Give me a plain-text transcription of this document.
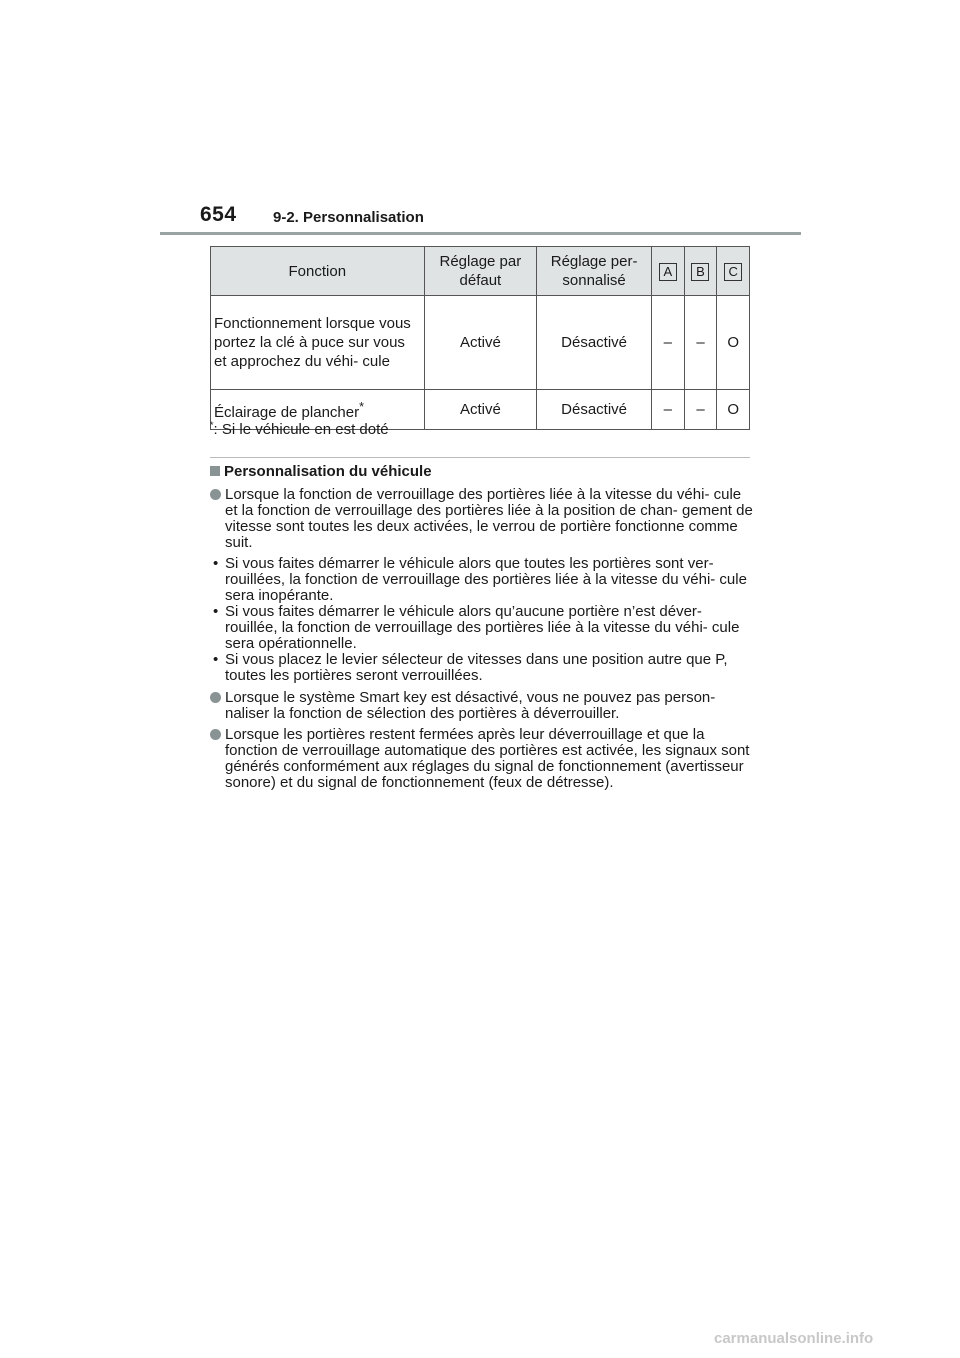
654 9-2. Personnalisation
Fonction	Réglage par défaut	Réglage per- sonnalisé	A	B	C
Fonctionnement lorsque vous portez la clé à puce sur vous et approchez du véhi- cule	Activé	Désactivé	–	–	O
Éclairage de plancher*	Activé	Désactivé	–	–	O
*: Si le véhicule en est doté
Personnalisation du véhicule
Lorsque la fonction de verrouillage des portières liée à la vitesse du véhi- cule et la fonction de verrouillage des portières liée à la position de chan- gement de vitesse sont toutes les deux activées, le verrou de portière fonctionne comme suit.
• Si vous faites démarrer le véhicule alors que toutes les portières sont ver- rouillées, la fonction de verrouillage des portières liée à la vitesse du véhi- cule sera inopérante.
• Si vous faites démarrer le véhicule alors qu’aucune portière n’est déver- rouillée, la fonction de verrouillage des portières liée à la vitesse du véhi- cule sera opérationnelle.
• Si vous placez le levier sélecteur de vitesses dans une position autre que P, toutes les portières seront verrouillées.
Lorsque le système Smart key est désactivé, vous ne pouvez pas person- naliser la fonction de sélection des portières à déverrouiller.
Lorsque les portières restent fermées après leur déverrouillage et que la fonction de verrouillage automatique des portières est activée, les signaux sont générés conformément aux réglages du signal de fonctionnement (avertisseur sonore) et du signal de fonctionnement (feux de détresse).
carmanualsonline.info
